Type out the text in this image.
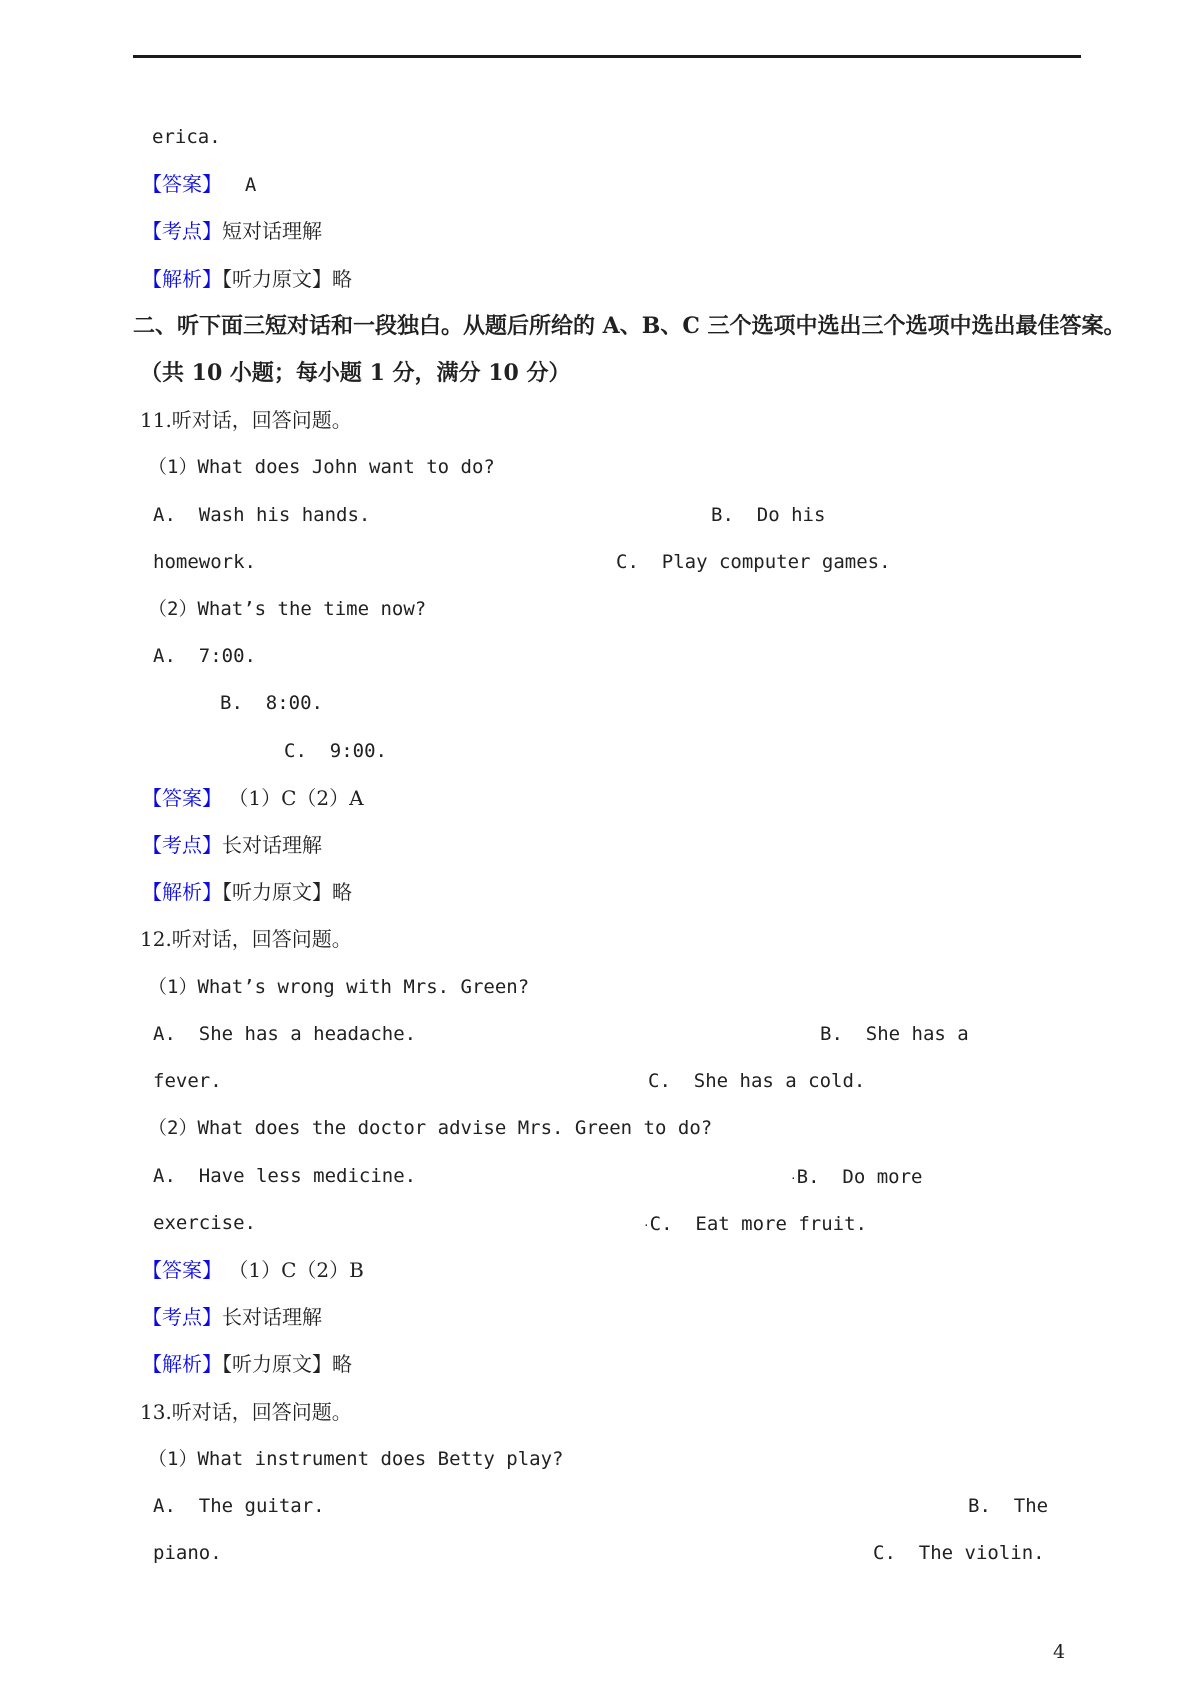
erica.
【答案】  A
【考点】短对话理解
【解析】【听力原文】略
二、听下面三短对话和一段独白。从题后所给的 A、B、C 三个选项中选出三个选项中选出最佳答案。
（共 10 小题；每小题 1 分，满分 10 分）
11.听对话，回答问题。
（1）What does John want to do?
A.  Wash his hands.	B.  Do his
homework.	C.  Play computer games.
（2）What’s the time now?
A.  7:00.
B.  8:00.
C.  9:00.
【答案】 （1）C（2）A
【考点】长对话理解
【解析】【听力原文】略
12.听对话，回答问题。
（1）What’s wrong with Mrs. Green?
A.  She has a headache.	B.  She has a
fever.	C.  She has a cold.
（2）What does the doctor advise Mrs. Green to do?
A.  Have less medicine.	.B.  Do more
exercise.	.C.  Eat more fruit.
【答案】 （1）C（2）B
【考点】长对话理解
【解析】【听力原文】略
13.听对话，回答问题。
（1）What instrument does Betty play?
A.  The guitar.	B.  The
piano.	C.  The violin.
4
